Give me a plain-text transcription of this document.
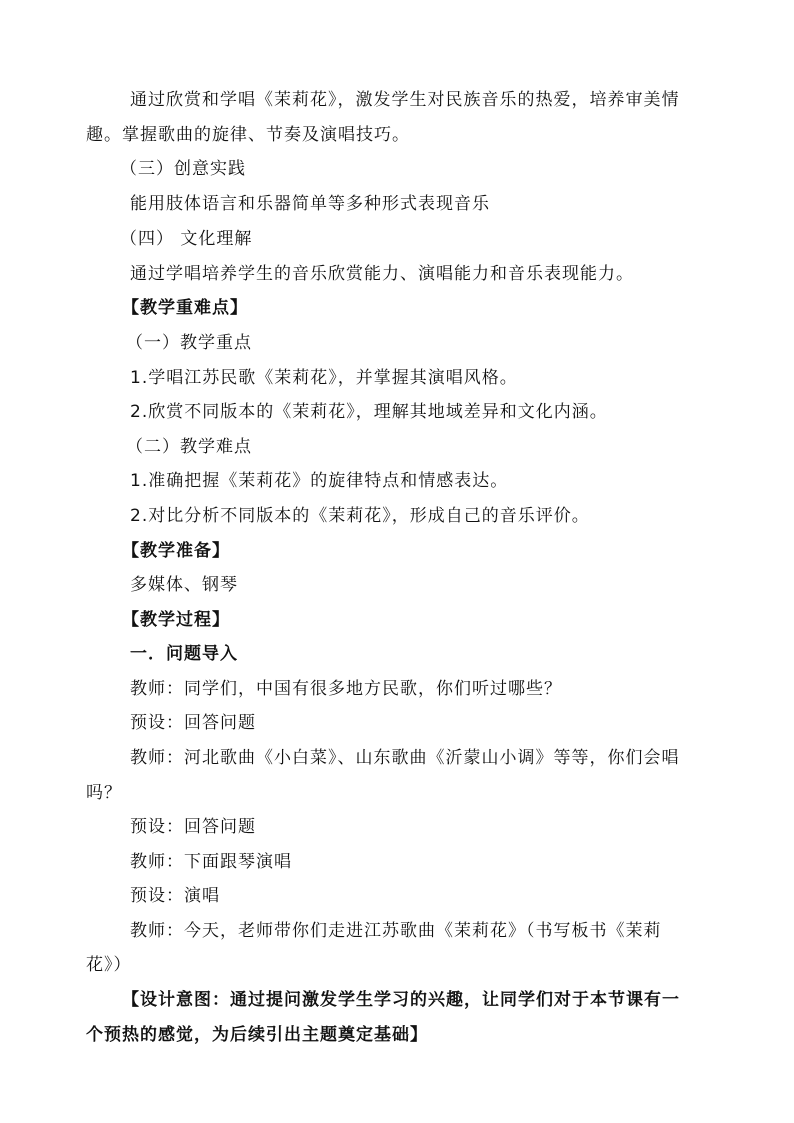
通过欣赏和学唱《茉莉花》，激发学生对民族音乐的热爱，培养审美情
趣。掌握歌曲的旋律、节奏及演唱技巧。
（三）创意实践
能用肢体语言和乐器简单等多种形式表现音乐
（四） 文化理解
通过学唱培养学生的音乐欣赏能力、演唱能力和音乐表现能力。
【教学重难点】
（一）教学重点
1.学唱江苏民歌《茉莉花》，并掌握其演唱风格。
2.欣赏不同版本的《茉莉花》，理解其地域差异和文化内涵。
（二）教学难点
1.准确把握《茉莉花》的旋律特点和情感表达。
2.对比分析不同版本的《茉莉花》，形成自己的音乐评价。
【教学准备】
多媒体、钢琴
【教学过程】
一．问题导入
教师：同学们，中国有很多地方民歌，你们听过哪些？
预设：回答问题
教师：河北歌曲《小白菜》、山东歌曲《沂蒙山小调》等等，你们会唱
吗？
预设：回答问题
教师：下面跟琴演唱
预设：演唱
教师：今天，老师带你们走进江苏歌曲《茉莉花》（书写板书《茉莉
花》）
【设计意图：通过提问激发学生学习的兴趣，让同学们对于本节课有一
个预热的感觉，为后续引出主题奠定基础】
